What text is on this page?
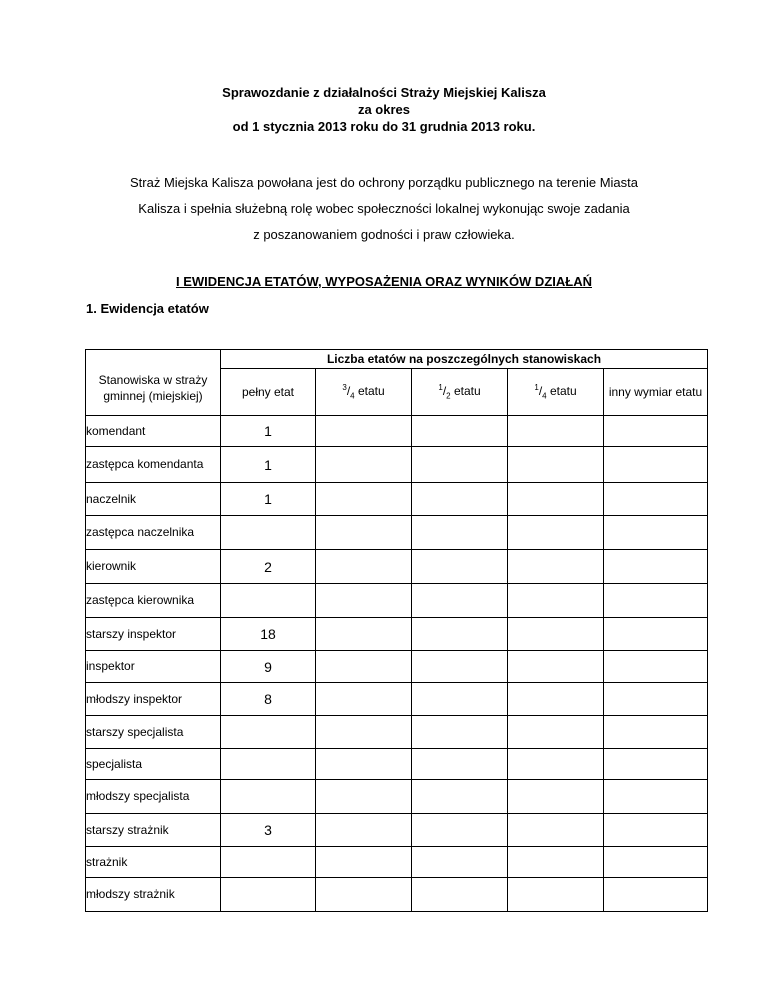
Sprawozdanie z działalności Straży Miejskiej Kalisza
za okres
od 1 stycznia 2013 roku do 31 grudnia 2013 roku.
Straż Miejska Kalisza powołana jest do ochrony porządku publicznego na terenie Miasta
Kalisza i spełnia służebną rolę wobec społeczności lokalnej wykonując swoje zadania
z poszanowaniem godności i praw człowieka.
I EWIDENCJA ETATÓW, WYPOSAŻENIA ORAZ WYNIKÓW DZIAŁAŃ
1. Ewidencja etatów
Stanowiska w straży gminnej (miejskiej)	Liczba etatów na poszczególnych stanowiskach				
	pełny etat	$^3/_4$ etatu	$^1/_2$ etatu	$^1/_4$ etatu	inny wymiar etatu
komendant	1				
zastępca komendanta	1				
naczelnik	1				
zastępca naczelnika					
kierownik	2				
zastępca kierownika					
starszy inspektor	18				
inspektor	9				
młodszy inspektor	8				
starszy specjalista					
specjalista					
młodszy specjalista					
starszy strażnik	3				
strażnik					
młodszy strażnik					
